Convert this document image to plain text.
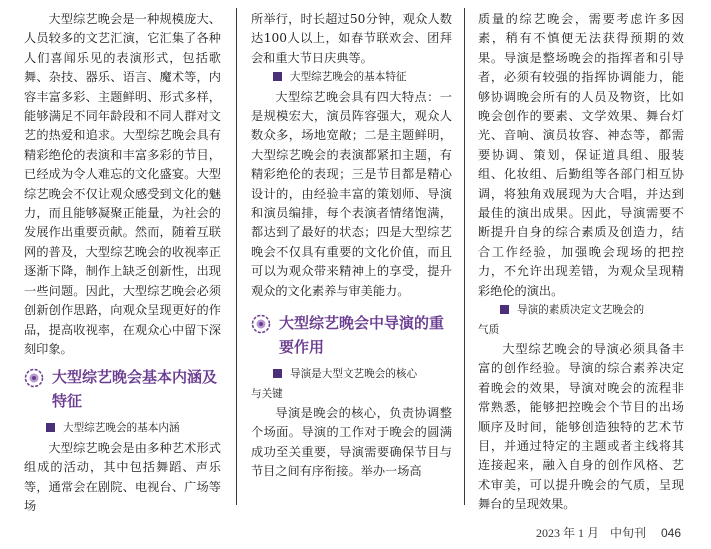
大型综艺晚会是一种规模庞大、人员较多的文艺汇演，它汇集了各种人们喜闻乐见的表演形式，包括歌舞、杂技、器乐、语言、魔术等，内容丰富多彩、主题鲜明、形式多样，能够满足不同年龄段和不同人群对文艺的热爱和追求。大型综艺晚会具有精彩绝伦的表演和丰富多彩的节目，已经成为令人难忘的文化盛宴。大型综艺晚会不仅让观众感受到文化的魅力，而且能够凝聚正能量，为社会的发展作出重要贡献。然而，随着互联网的普及，大型综艺晚会的收视率正逐渐下降，制作上缺乏创新性，出现一些问题。因此，大型综艺晚会必须创新创作思路，向观众呈现更好的作品，提高收视率，在观众心中留下深刻印象。

大型综艺晚会基本内涵及特征

大型综艺晚会的基本内涵

大型综艺晚会是由多种艺术形式组成的活动，其中包括舞蹈、声乐等，通常会在剧院、电视台、广场等场

所举行，时长超过50分钟，观众人数达100人以上，如春节联欢会、团拜会和重大节日庆典等。

大型综艺晚会的基本特征

大型综艺晚会具有四大特点：一是规模宏大，演员阵容强大，观众人数众多，场地宽敞；二是主题鲜明，大型综艺晚会的表演都紧扣主题，有精彩绝伦的表现；三是节目都是精心设计的，由经验丰富的策划师、导演和演员编排，每个表演者情绪饱满，都达到了最好的状态；四是大型综艺晚会不仅具有重要的文化价值，而且可以为观众带来精神上的享受，提升观众的文化素养与审美能力。

大型综艺晚会中导演的重要作用

导演是大型文艺晚会的核心

与关键

导演是晚会的核心，负责协调整个场面。导演的工作对于晚会的圆满成功至关重要，导演需要确保节目与节目之间有序衔接。举办一场高

质量的综艺晚会，需要考虑许多因素，稍有不慎便无法获得预期的效果。导演是整场晚会的指挥者和引导者，必须有较强的指挥协调能力，能够协调晚会所有的人员及物资，比如晚会创作的要素、文学效果、舞台灯光、音响、演员妆容、神态等，都需要协调、策划，保证道具组、服装组、化妆组、后勤组等各部门相互协调，将独角戏展现为大合唱，并达到最佳的演出成果。因此，导演需要不断提升自身的综合素质及创造力，结合工作经验，加强晚会现场的把控力，不允许出现差错，为观众呈现精彩绝伦的演出。

导演的素质决定文艺晚会的

气质

大型综艺晚会的导演必须具备丰富的创作经验。导演的综合素养决定着晚会的效果，导演对晚会的流程非常熟悉，能够把控晚会个节目的出场顺序及时间，能够创造独特的艺术节目，并通过特定的主题或者主线将其连接起来，融入自身的创作风格、艺术审美，可以提升晚会的气质，呈现舞台的呈现效果。

2023 年 1 月 中旬刊 046
